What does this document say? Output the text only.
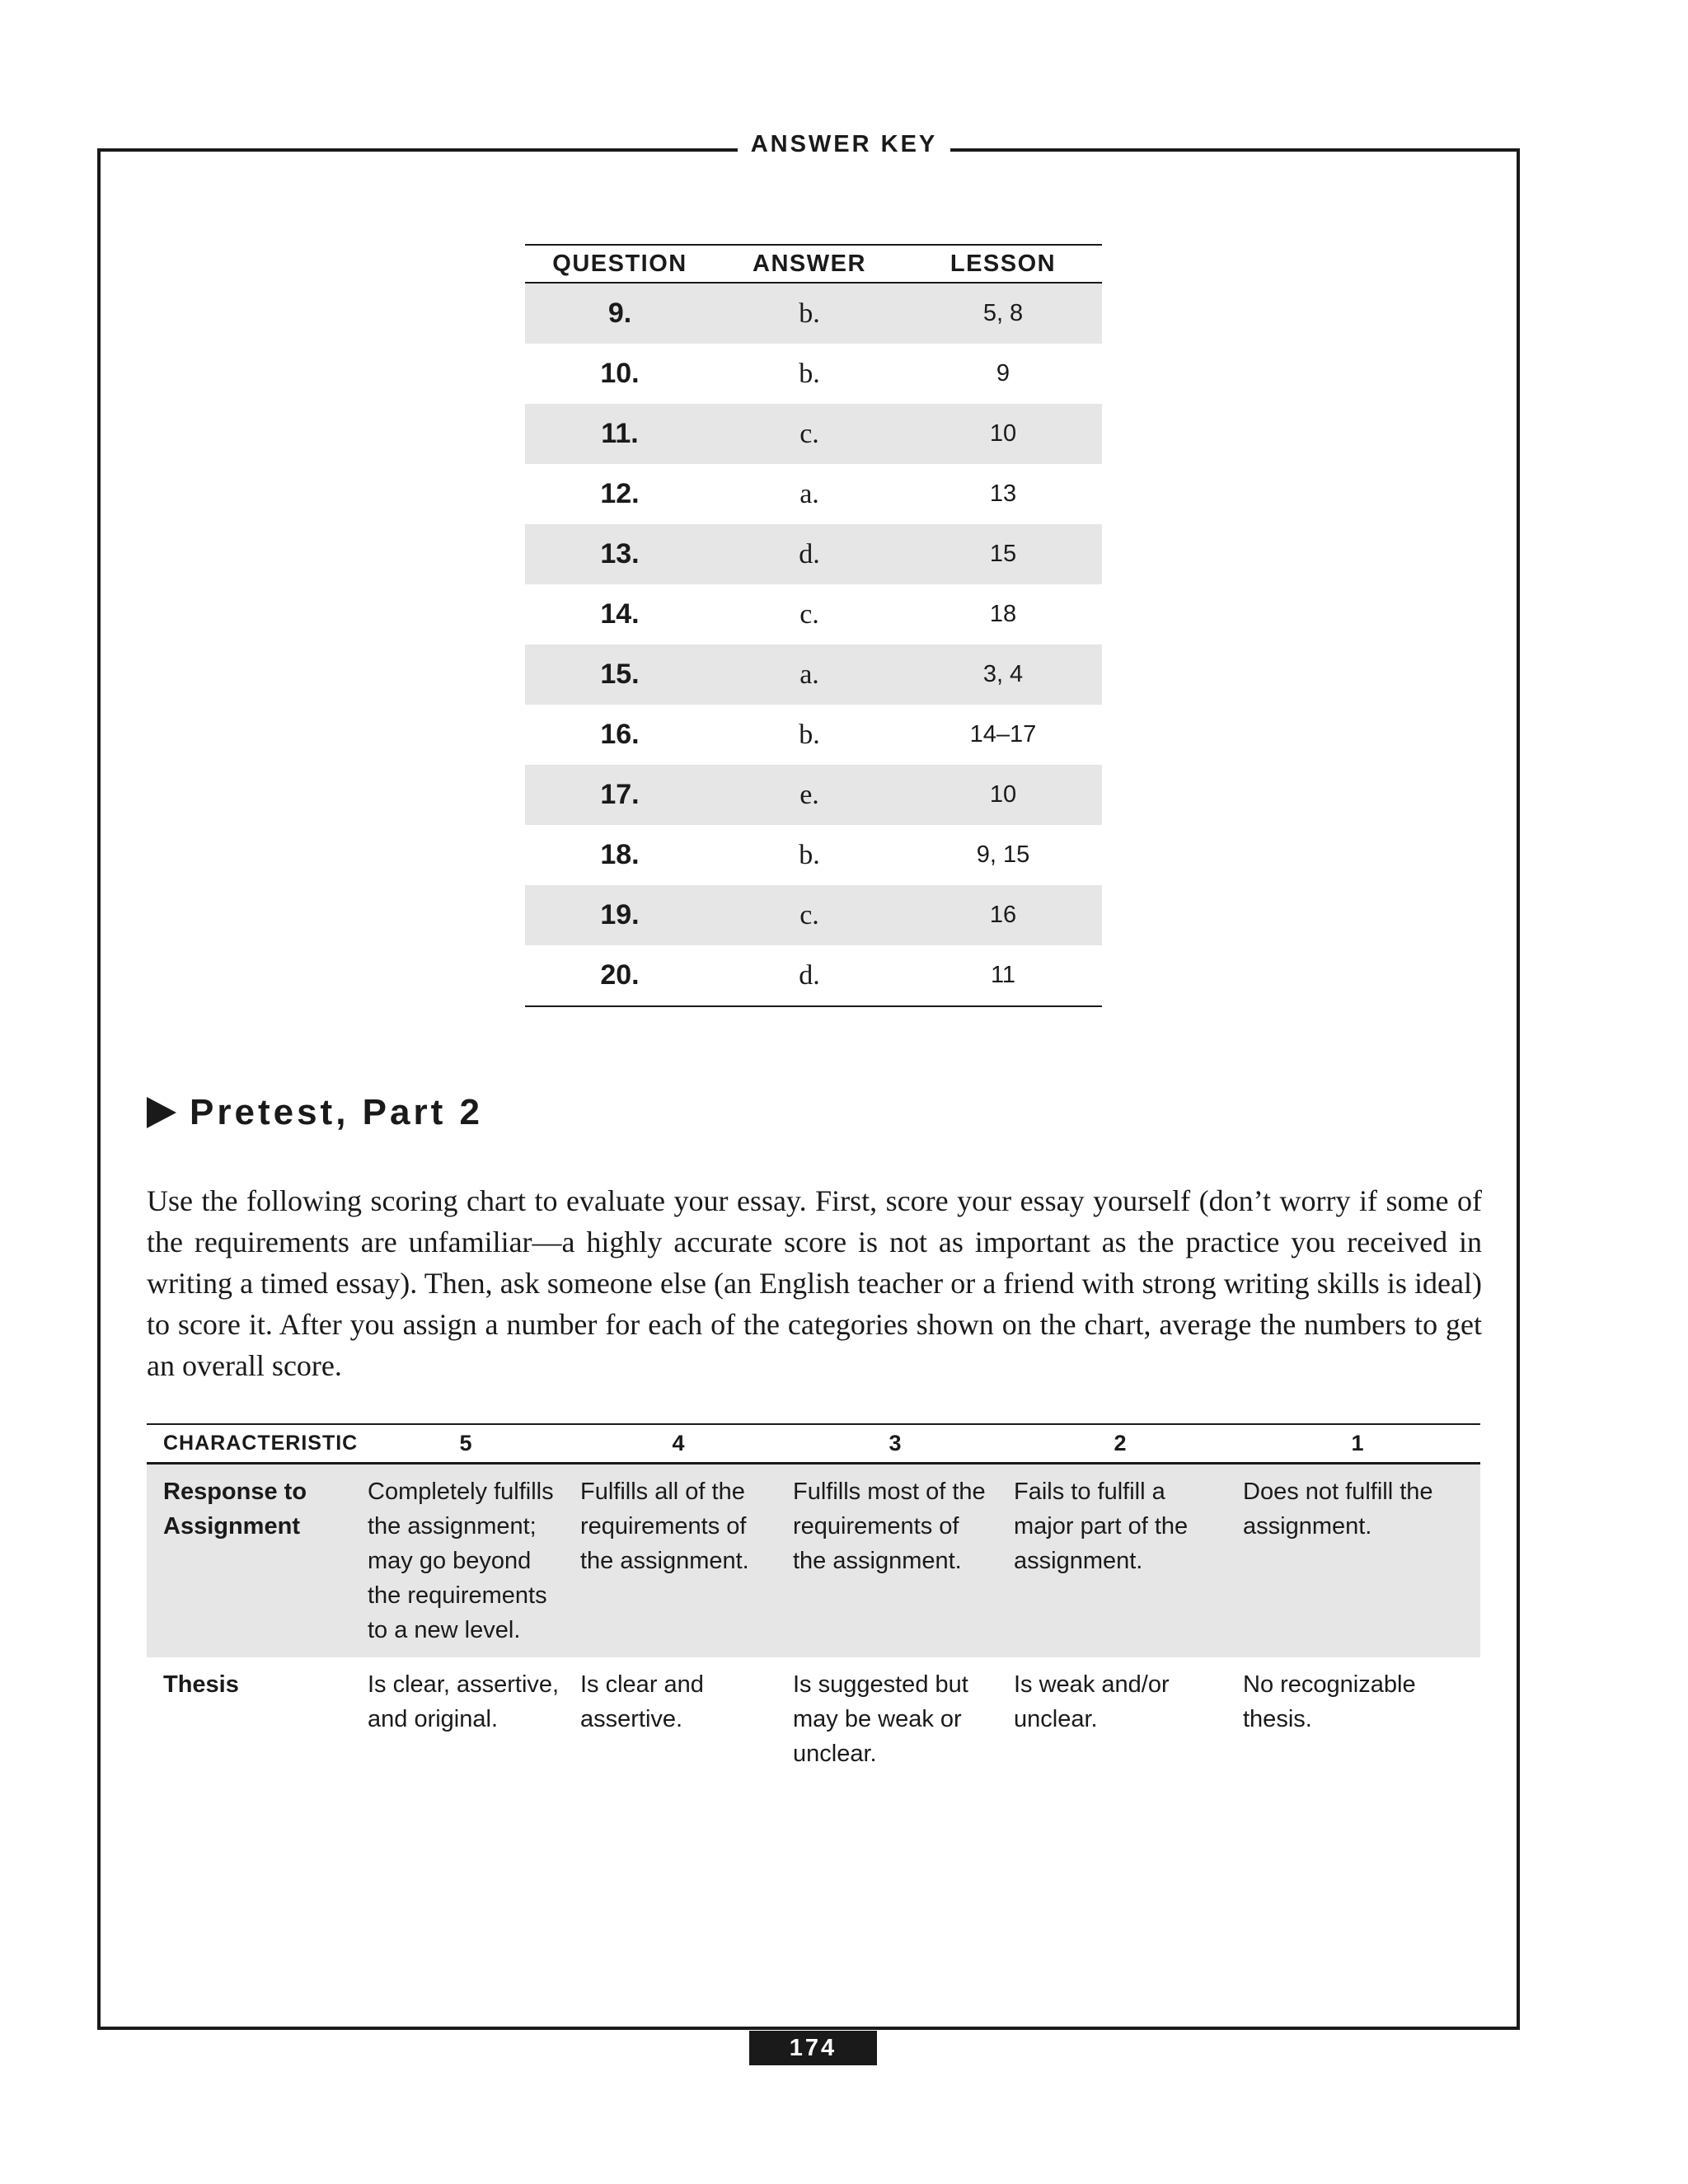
ANSWER KEY
QUESTION	ANSWER	LESSON
9.	b.	5, 8
10.	b.	9
11.	c.	10
12.	a.	13
13.	d.	15
14.	c.	18
15.	a.	3, 4
16.	b.	14–17
17.	e.	10
18.	b.	9, 15
19.	c.	16
20.	d.	11
Pretest, Part 2

Use the following scoring chart to evaluate your essay. First, score your essay yourself (don’t worry if some of the requirements are unfamiliar—a highly accurate score is not as important as the practice you received in writing a timed essay). Then, ask someone else (an English teacher or a friend with strong writing skills is ideal) to score it. After you assign a number for each of the categories shown on the chart, average the numbers to get an overall score.

CHARACTERISTIC	5	4	3	2	1
Response to Assignment	Completely fulfills the assignment; may go beyond the requirements to a new level.	Fulfills all of the requirements of the assignment.	Fulfills most of the requirements of the assignment.	Fails to fulfill a major part of the assignment.	Does not fulfill the assignment.
Thesis	Is clear, assertive, and original.	Is clear and assertive.	Is suggested but may be weak or unclear.	Is weak and/or unclear.	No recognizable thesis.
174
